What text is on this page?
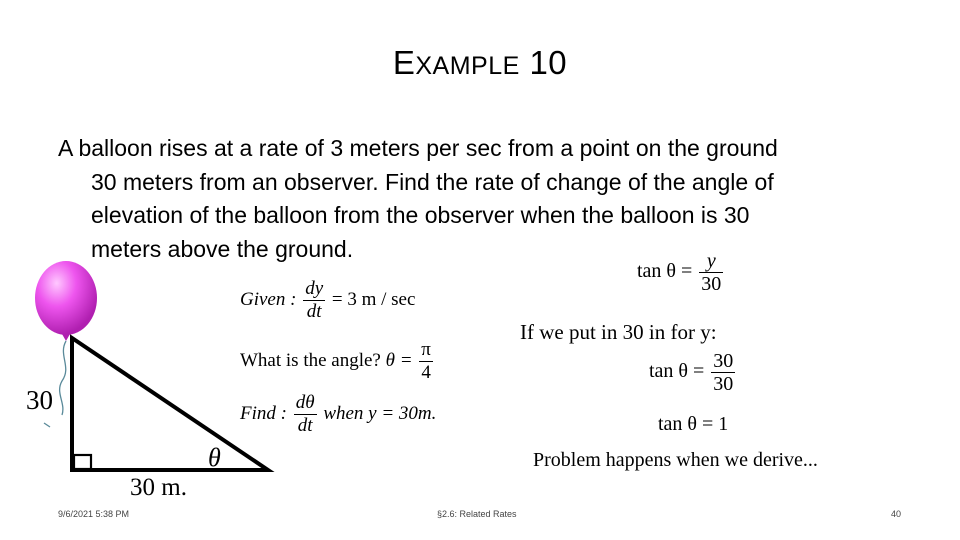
EXAMPLE 10
A balloon rises at a rate of 3 meters per sec from a point on the ground
30 meters from an observer. Find the rate of change of the angle of
elevation of the balloon from the observer when the balloon is 30
meters above the ground.
30
30 m.
θ
Given : $\frac{dy}{dt} = 3$ m / sec
What is the angle? $\theta = \frac{\pi}{4}$
Find : $\frac{d\theta}{dt}$ when y = 30m.
$\tan \theta = \frac{y}{30}$
If we put in 30 in for y:
$\tan \theta = \frac{30}{30}$
tan θ = 1
Problem happens when we derive...
9/6/2021 5:38 PM	§2.6: Related Rates	40
